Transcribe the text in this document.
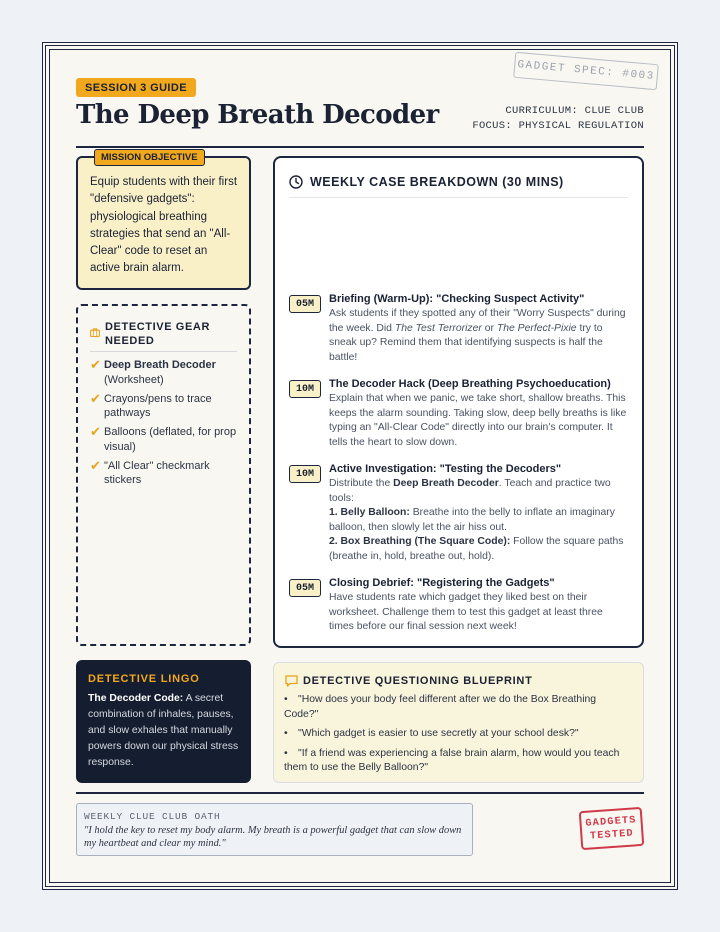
GADGET SPEC: #003
SESSION 3 GUIDE
The Deep Breath Decoder	CURRICULUM: CLUE CLUB
FOCUS: PHYSICAL REGULATION
MISSION OBJECTIVE
Equip students with their first "defensive gadgets": physiological breathing strategies that send an "All-Clear" code to reset an active brain alarm.
DETECTIVE GEAR NEEDED
✔ Deep Breath Decoder (Worksheet)
✔ Crayons/pens to trace pathways
✔ Balloons (deflated, for prop visual)
✔ "All Clear" checkmark stickers
WEEKLY CASE BREAKDOWN (30 MINS)
05M	Briefing (Warm-Up): "Checking Suspect Activity"
Ask students if they spotted any of their "Worry Suspects" during the week. Did The Test Terrorizer or The Perfect-Pixie try to sneak up? Remind them that identifying suspects is half the battle!
10M	The Decoder Hack (Deep Breathing Psychoeducation)
Explain that when we panic, we take short, shallow breaths. This keeps the alarm sounding. Taking slow, deep belly breaths is like typing an "All-Clear Code" directly into our brain's computer. It tells the heart to slow down.
10M	Active Investigation: "Testing the Decoders"
Distribute the Deep Breath Decoder. Teach and practice two tools:
1. Belly Balloon: Breathe into the belly to inflate an imaginary balloon, then slowly let the air hiss out.
2. Box Breathing (The Square Code): Follow the square paths (breathe in, hold, breathe out, hold).
05M	Closing Debrief: "Registering the Gadgets"
Have students rate which gadget they liked best on their worksheet. Challenge them to test this gadget at least three times before our final session next week!
DETECTIVE LINGO
The Decoder Code: A secret combination of inhales, pauses, and slow exhales that manually powers down our physical stress response.
DETECTIVE QUESTIONING BLUEPRINT
• "How does your body feel different after we do the Box Breathing Code?"
• "Which gadget is easier to use secretly at your school desk?"
• "If a friend was experiencing a false brain alarm, how would you teach them to use the Belly Balloon?"
WEEKLY CLUE CLUB OATH
"I hold the key to reset my body alarm. My breath is a powerful gadget that can slow down my heartbeat and clear my mind."
GADGETS
TESTED
